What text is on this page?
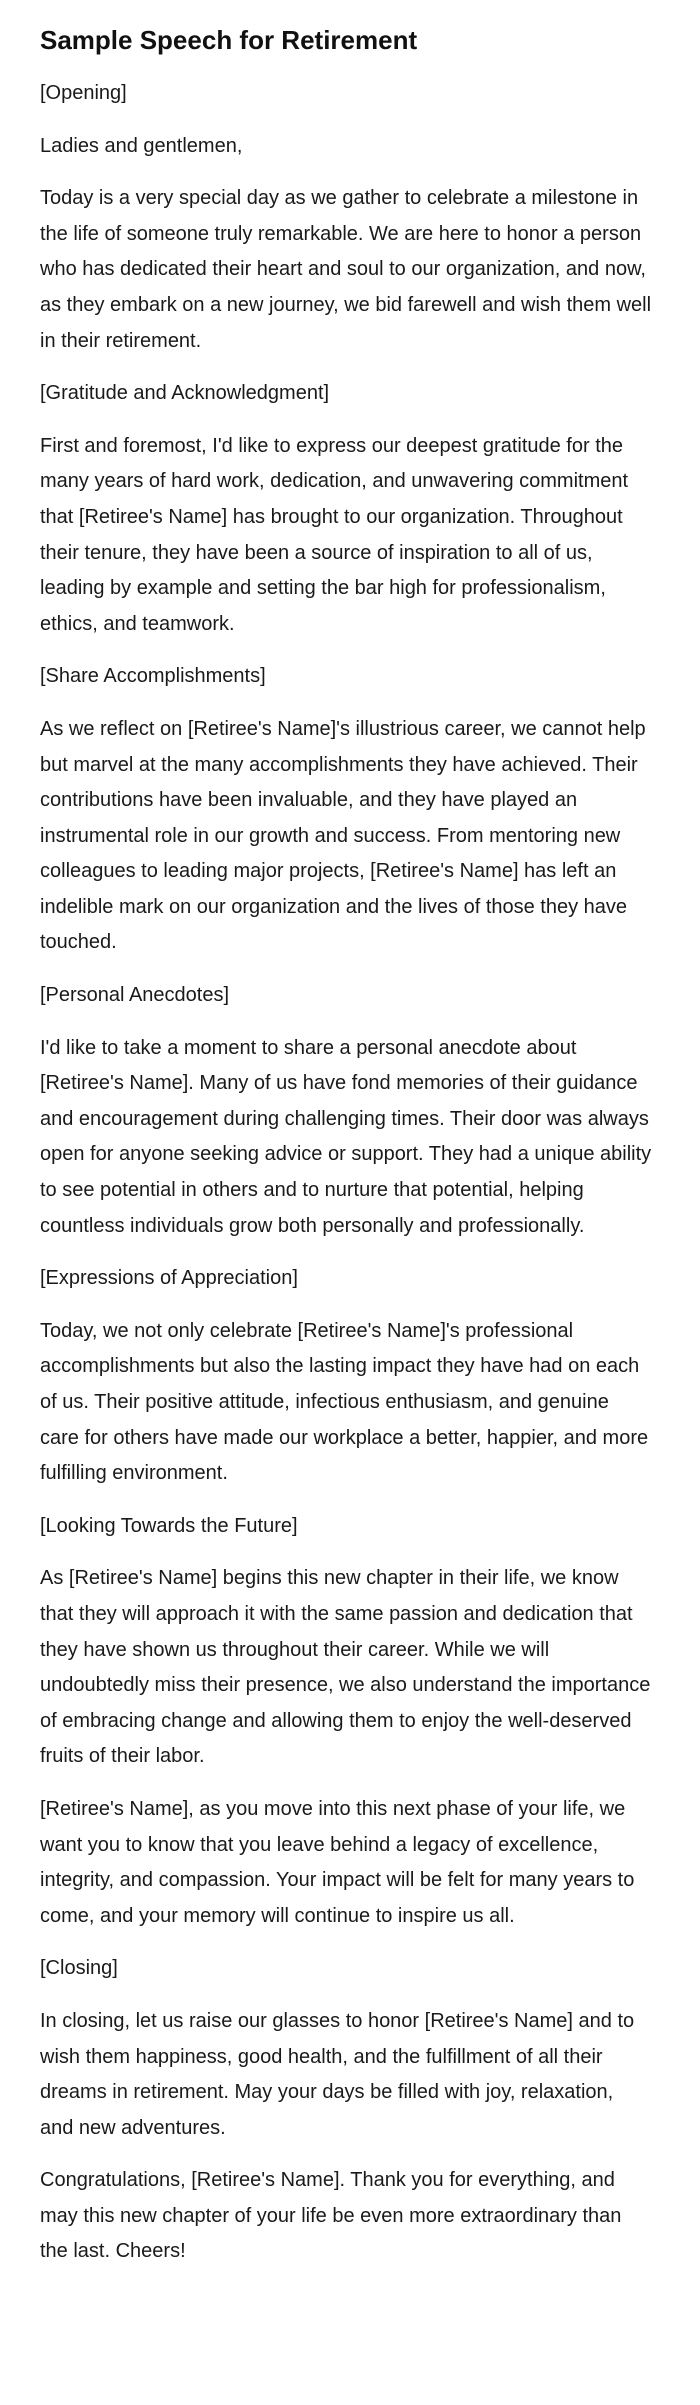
Sample Speech for Retirement

[Opening]

Ladies and gentlemen,

Today is a very special day as we gather to celebrate a milestone in the life of someone truly remarkable. We are here to honor a person who has dedicated their heart and soul to our organization, and now, as they embark on a new journey, we bid farewell and wish them well in their retirement.

[Gratitude and Acknowledgment]

First and foremost, I'd like to express our deepest gratitude for the many years of hard work, dedication, and unwavering commitment that [Retiree's Name] has brought to our organization. Throughout their tenure, they have been a source of inspiration to all of us, leading by example and setting the bar high for professionalism, ethics, and teamwork.

[Share Accomplishments]

As we reflect on [Retiree's Name]'s illustrious career, we cannot help but marvel at the many accomplishments they have achieved. Their contributions have been invaluable, and they have played an instrumental role in our growth and success. From mentoring new colleagues to leading major projects, [Retiree's Name] has left an indelible mark on our organization and the lives of those they have touched.

[Personal Anecdotes]

I'd like to take a moment to share a personal anecdote about [Retiree's Name]. Many of us have fond memories of their guidance and encouragement during challenging times. Their door was always open for anyone seeking advice or support. They had a unique ability to see potential in others and to nurture that potential, helping countless individuals grow both personally and professionally.

[Expressions of Appreciation]

Today, we not only celebrate [Retiree's Name]'s professional accomplishments but also the lasting impact they have had on each of us. Their positive attitude, infectious enthusiasm, and genuine care for others have made our workplace a better, happier, and more fulfilling environment.

[Looking Towards the Future]

As [Retiree's Name] begins this new chapter in their life, we know that they will approach it with the same passion and dedication that they have shown us throughout their career. While we will undoubtedly miss their presence, we also understand the importance of embracing change and allowing them to enjoy the well-deserved fruits of their labor.

[Retiree's Name], as you move into this next phase of your life, we want you to know that you leave behind a legacy of excellence, integrity, and compassion. Your impact will be felt for many years to come, and your memory will continue to inspire us all.

[Closing]

In closing, let us raise our glasses to honor [Retiree's Name] and to wish them happiness, good health, and the fulfillment of all their dreams in retirement. May your days be filled with joy, relaxation, and new adventures.

Congratulations, [Retiree's Name]. Thank you for everything, and may this new chapter of your life be even more extraordinary than the last. Cheers!
